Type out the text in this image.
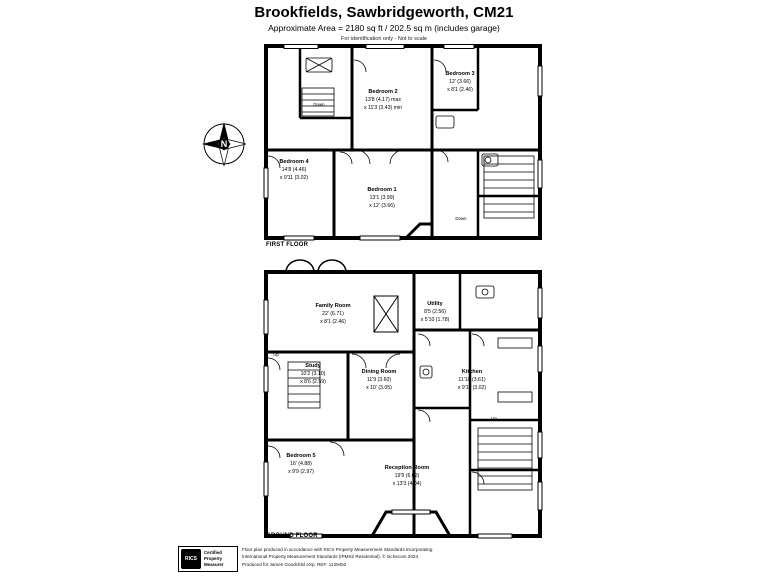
Brookfields, Sawbridgeworth, CM21
Approximate Area = 2180 sq ft / 202.5 sq m (includes garage)
For identification only - Not to scale
N
Bedroom 2
13'8 (4.17) max
x 11'3 (3.43) min
Bedroom 3
12' (3.66)
x 8'1 (2.46)
Bedroom 4
14'8 (4.46)
x 9'11 (3.02)
Bedroom 1
13'1 (3.99)
x 12' (3.66)
Down
Down
FIRST FLOOR
Family Room
22' (6.71)
x 8'1 (2.46)
Utility
8'5 (2.56)
x 5'10 (1.78)
Study
10'2 (3.10)
x 8'6 (2.59)
Dining Room
11'9 (3.60)
x 10' (3.05)
Kitchen
11'10 (3.61)
x 9'11 (3.02)
Bedroom 5
16' (4.88)
x 9'9 (2.97)
Reception Room
19'9 (6.02)
x 13'3 (4.04)
Up
Up
GROUND FLOOR
RICS
Certified
Property
Measurer
Floor plan produced in accordance with RICS Property Measurement Standards incorporating
International Property Measurement Standards (IPMS2 Residential). © nichecom 2024.
Produced for James Goodchild eXp. REF: 1129452
